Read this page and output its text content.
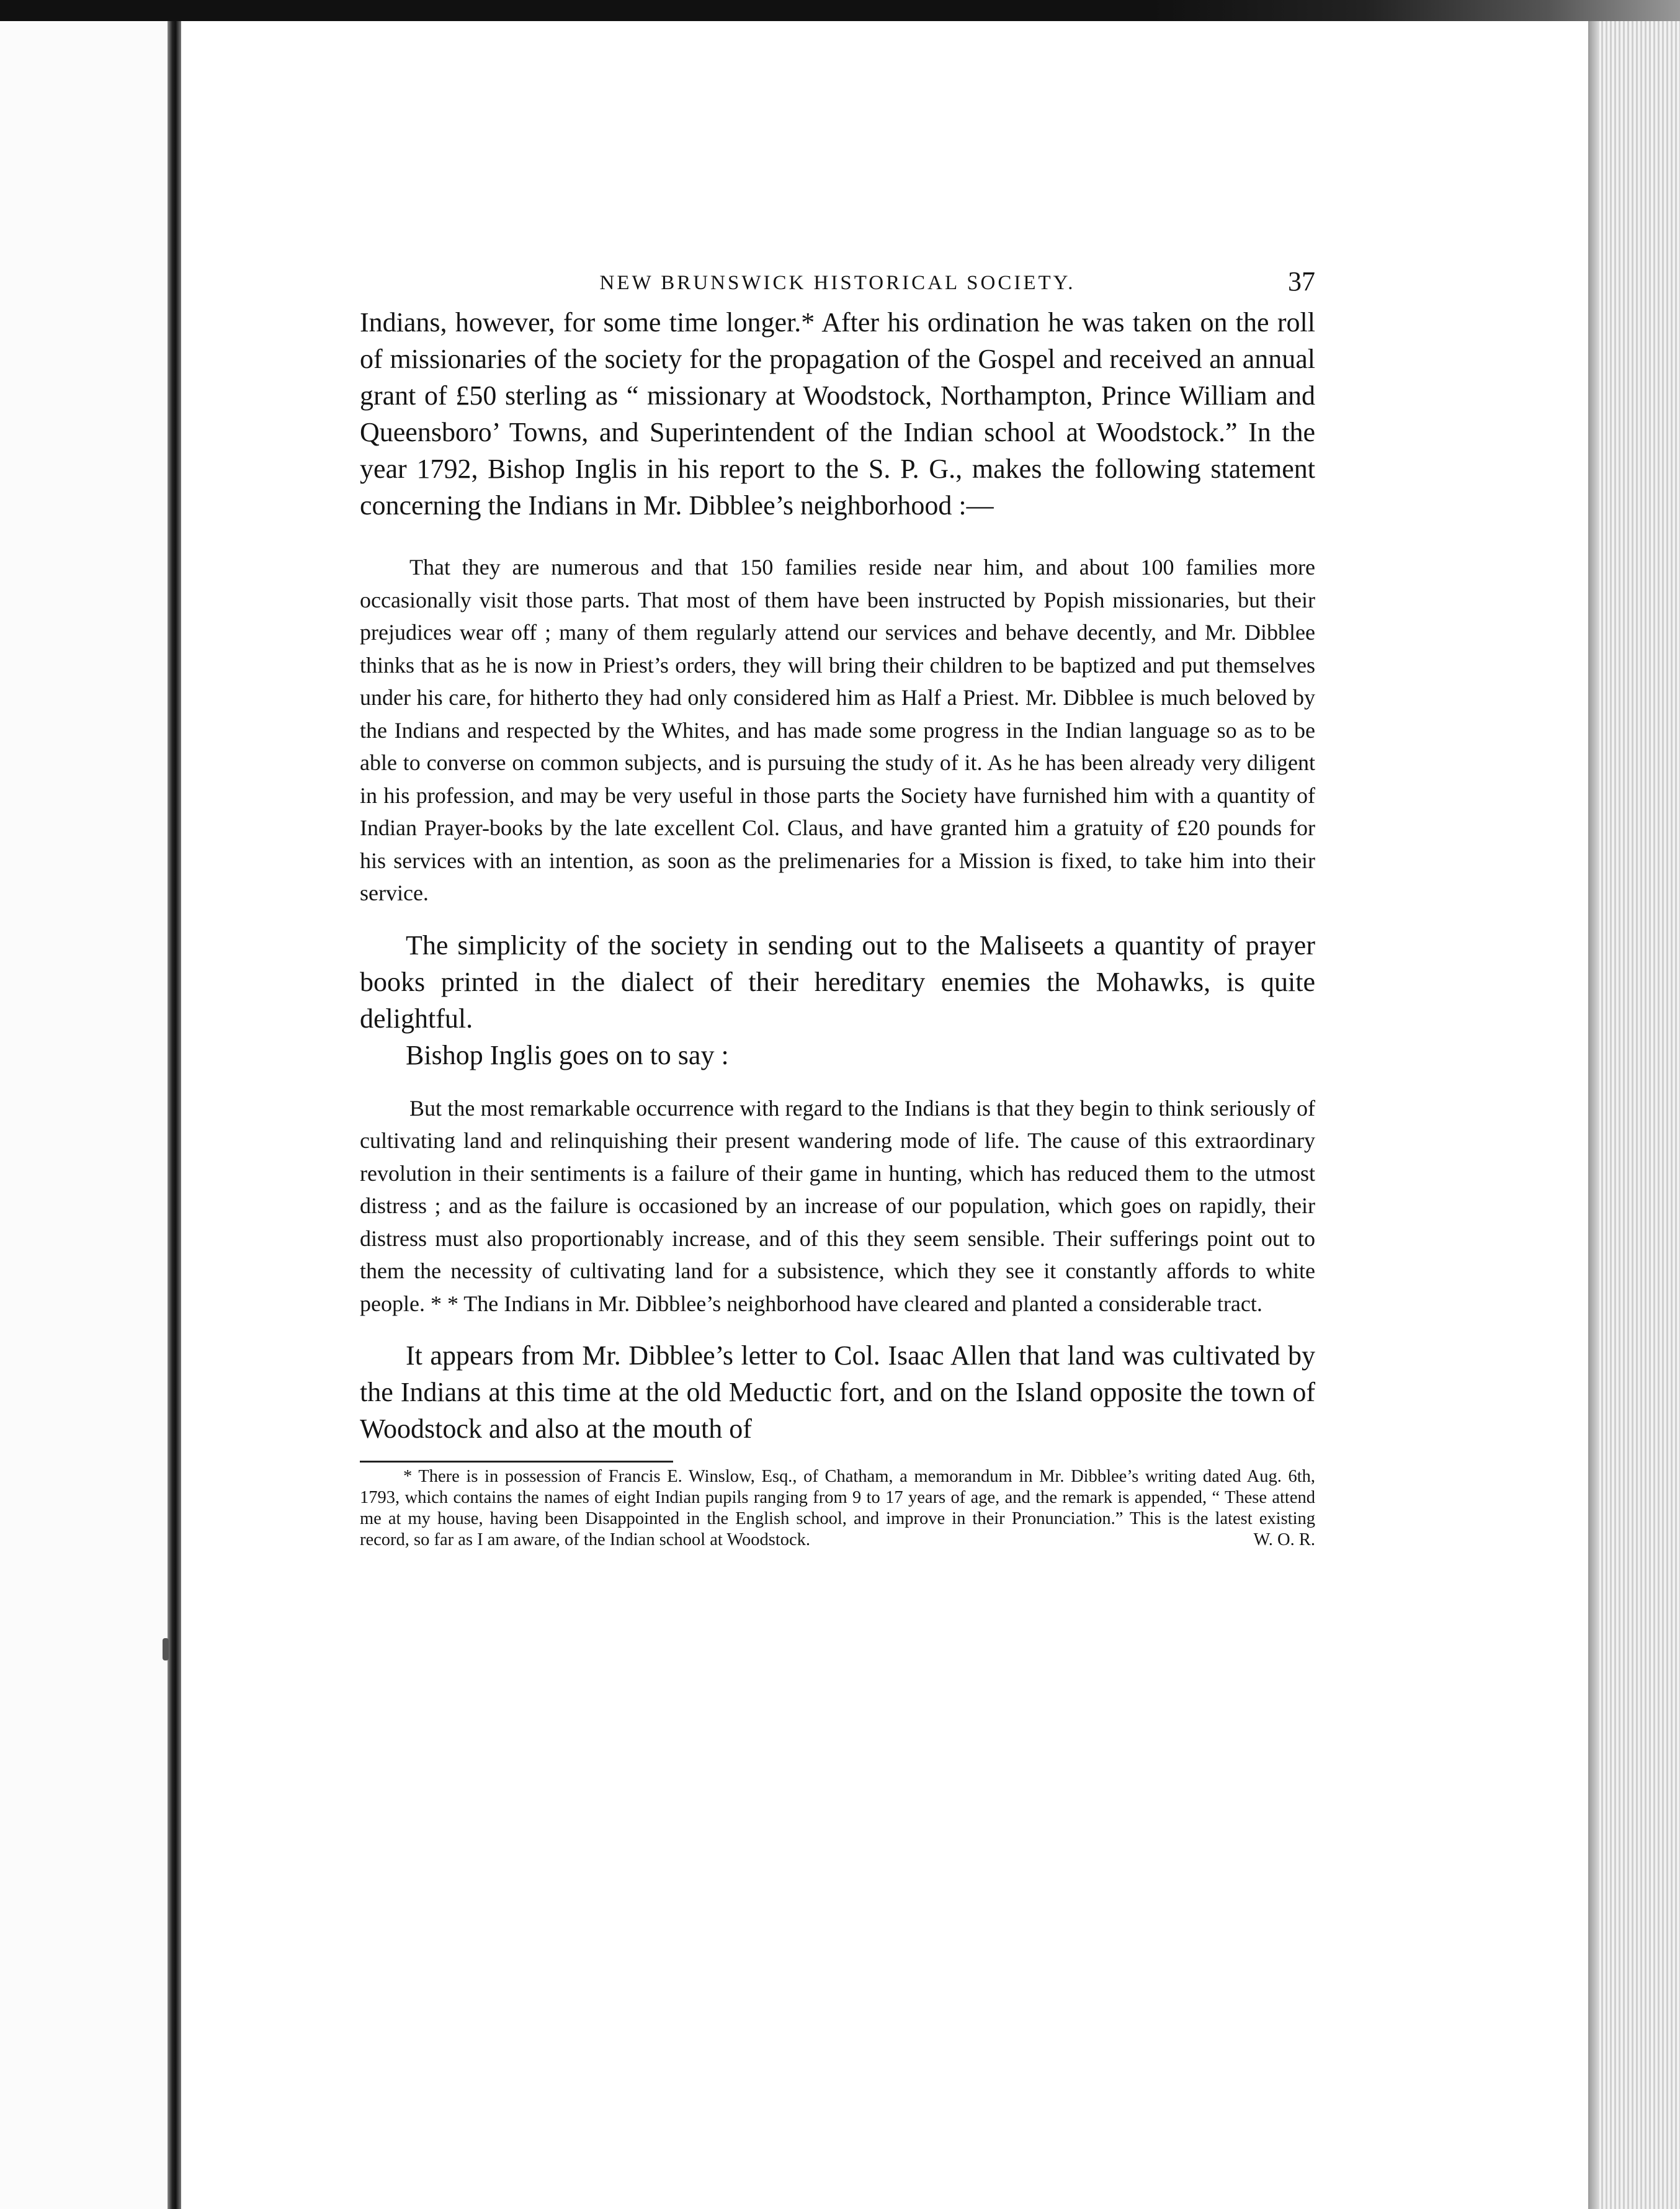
NEW BRUNSWICK HISTORICAL SOCIETY.	37

Indians, however, for some time longer.* After his ordination he was taken on the roll of missionaries of the society for the propagation of the Gospel and received an annual grant of £50 sterling as “ missionary at Woodstock, Northampton, Prince William and Queensboro’ Towns, and Superintendent of the Indian school at Woodstock.” In the year 1792, Bishop Inglis in his report to the S. P. G., makes the following statement concerning the Indians in Mr. Dibblee’s neighborhood :—

That they are numerous and that 150 families reside near him, and about 100 families more occasionally visit those parts. That most of them have been instructed by Popish missionaries, but their prejudices wear off ; many of them regularly attend our services and behave decently, and Mr. Dibblee thinks that as he is now in Priest’s orders, they will bring their children to be baptized and put themselves under his care, for hitherto they had only considered him as Half a Priest. Mr. Dibblee is much beloved by the Indians and respected by the Whites, and has made some progress in the Indian language so as to be able to converse on common subjects, and is pursuing the study of it. As he has been already very diligent in his profession, and may be very useful in those parts the Society have furnished him with a quantity of Indian Prayer-books by the late excellent Col. Claus, and have granted him a gratuity of £20 pounds for his services with an intention, as soon as the prelimenaries for a Mission is fixed, to take him into their service.

The simplicity of the society in sending out to the Maliseets a quantity of prayer books printed in the dialect of their hereditary enemies the Mohawks, is quite delightful.

Bishop Inglis goes on to say :

But the most remarkable occurrence with regard to the Indians is that they begin to think seriously of cultivating land and relinquishing their present wandering mode of life. The cause of this extraordinary revolution in their sentiments is a failure of their game in hunting, which has reduced them to the utmost distress ; and as the failure is occasioned by an increase of our population, which goes on rapidly, their distress must also proportionably increase, and of this they seem sensible. Their sufferings point out to them the necessity of cultivating land for a subsistence, which they see it constantly affords to white people. * * The Indians in Mr. Dibblee’s neighborhood have cleared and planted a considerable tract.

It appears from Mr. Dibblee’s letter to Col. Isaac Allen that land was cultivated by the Indians at this time at the old Meductic fort, and on the Island opposite the town of Woodstock and also at the mouth of

* There is in possession of Francis E. Winslow, Esq., of Chatham, a memorandum in Mr. Dibblee’s writing dated Aug. 6th, 1793, which contains the names of eight Indian pupils ranging from 9 to 17 years of age, and the remark is appended, “ These attend me at my house, having been Disappointed in the English school, and improve in their Pronunciation.” This is the latest existing record, so far as I am aware, of the Indian school at Woodstock.	W. O. R.
